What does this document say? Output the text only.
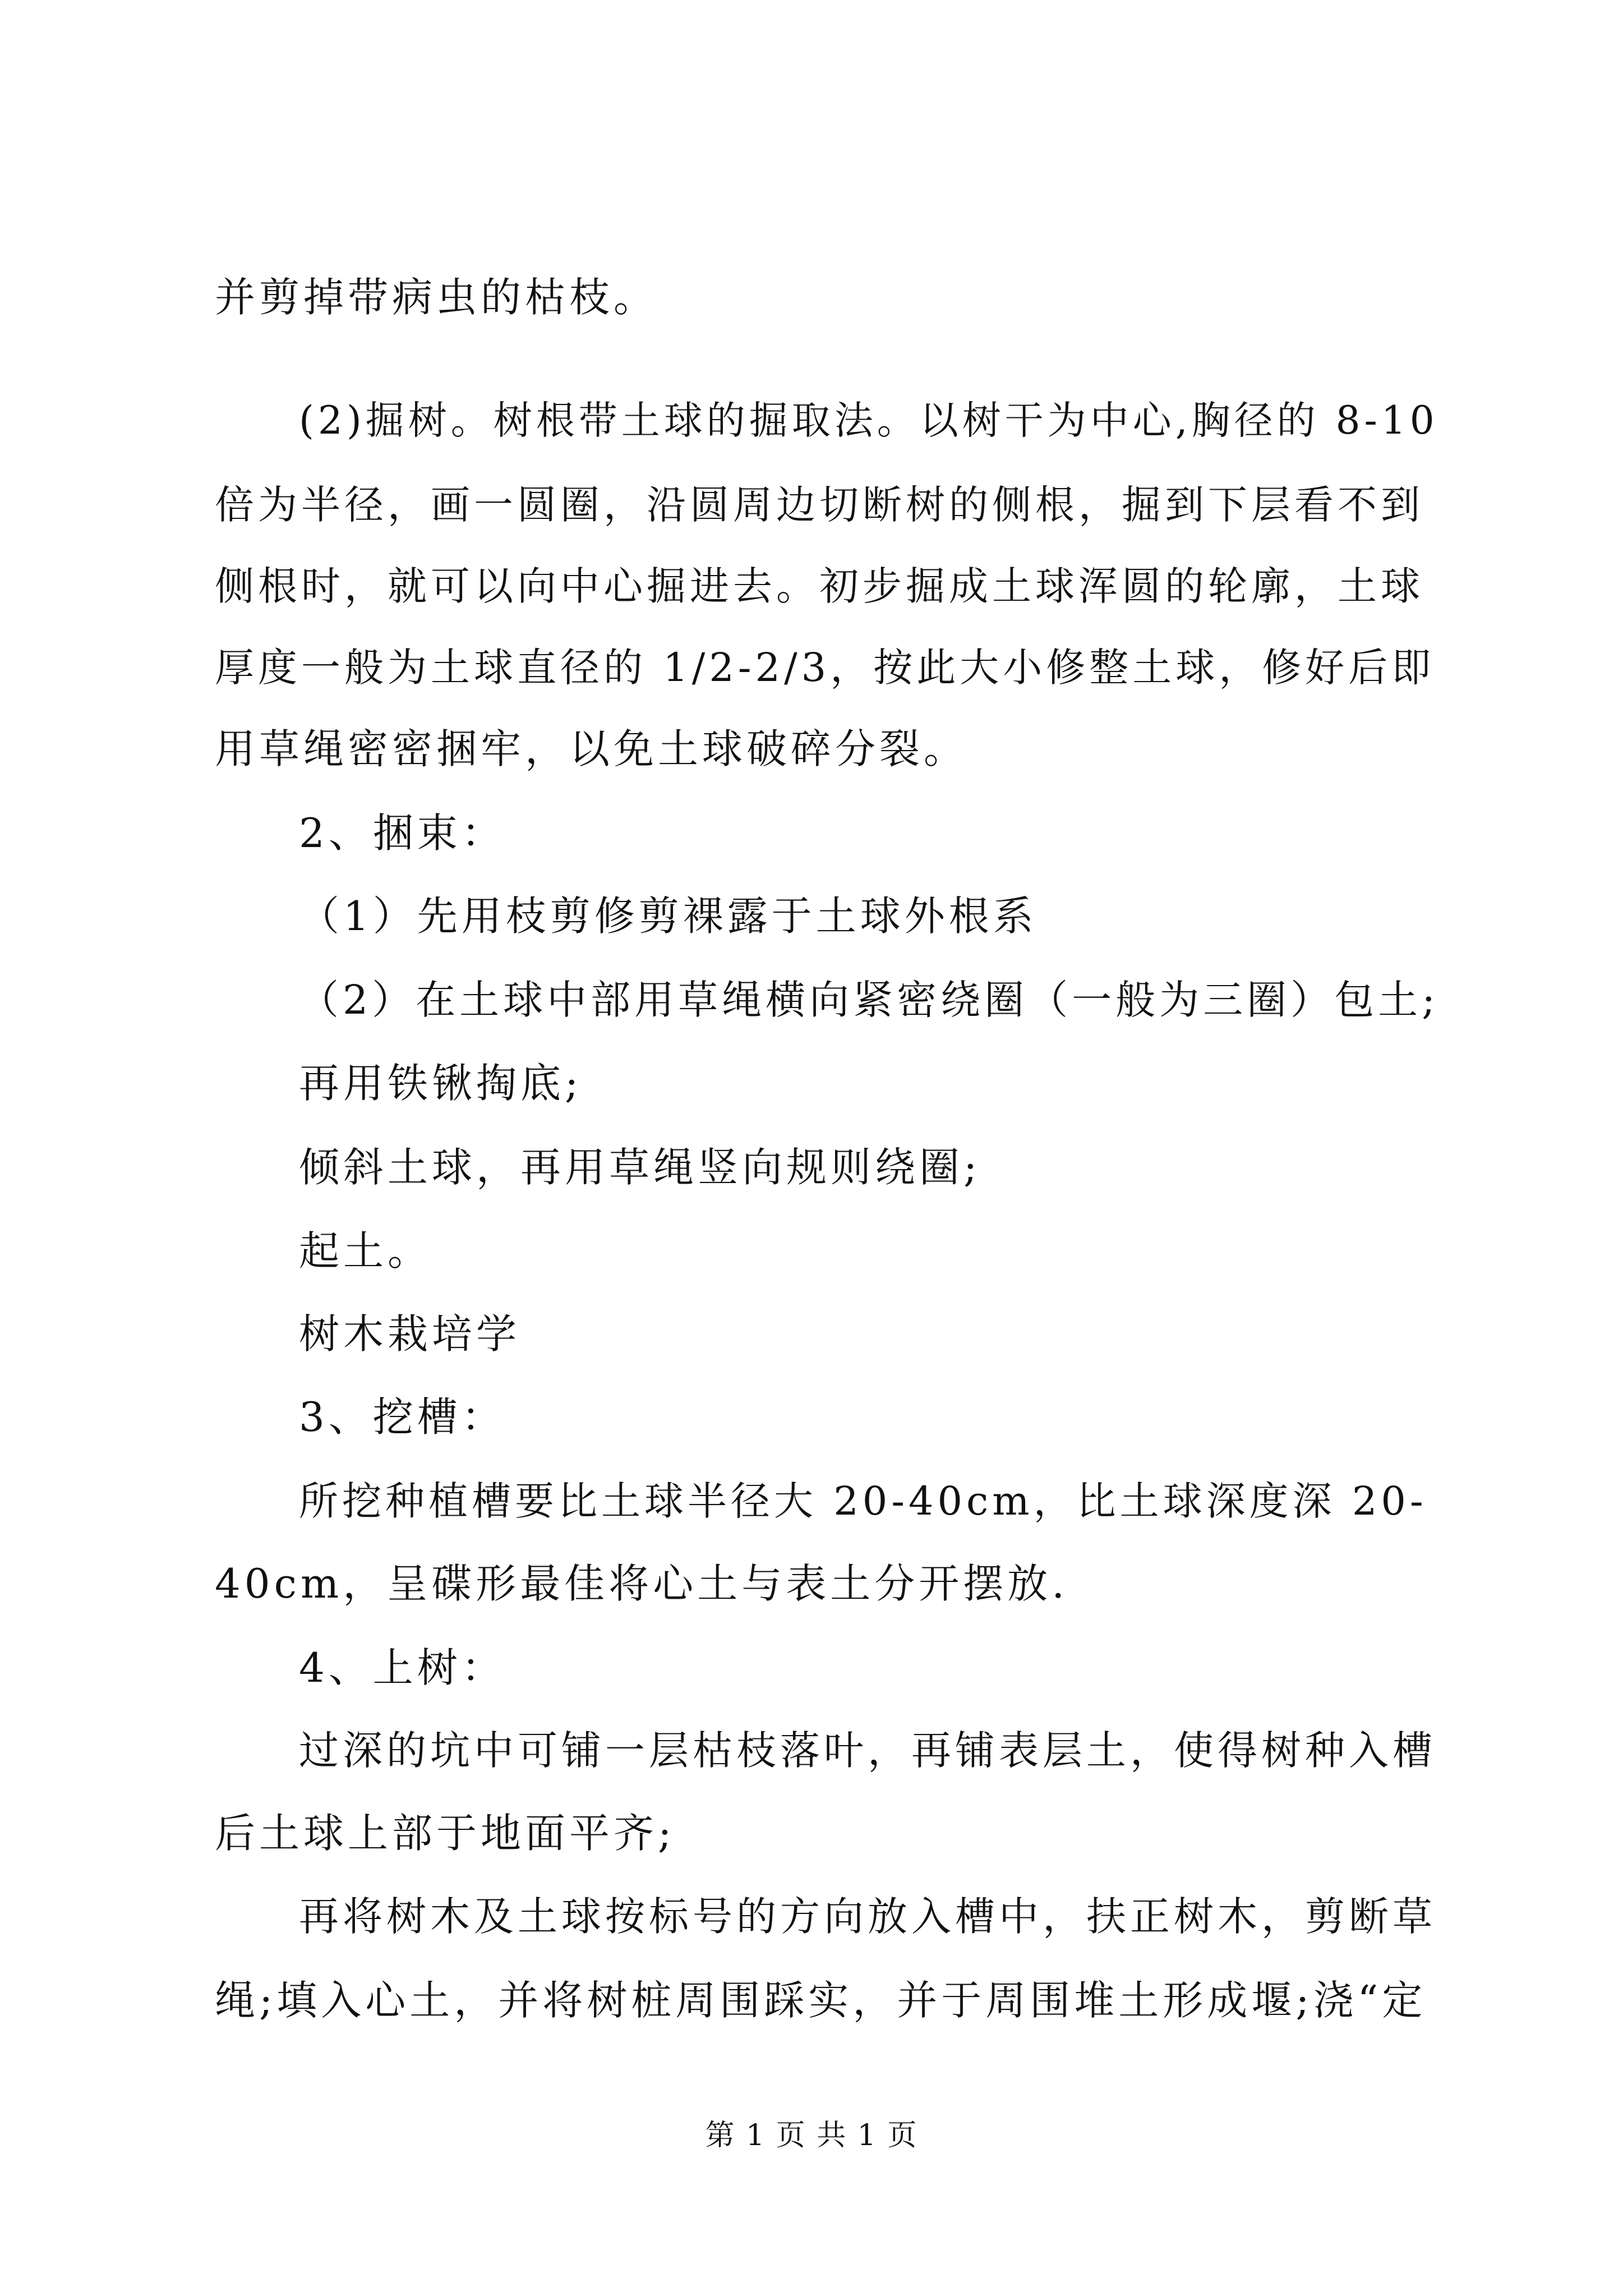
并剪掉带病虫的枯枝。
(2)掘树。树根带土球的掘取法。以树干为中心,胸径的 8-10
倍为半径，画一圆圈，沿圆周边切断树的侧根，掘到下层看不到
侧根时，就可以向中心掘进去。初步掘成土球浑圆的轮廓，土球
厚度一般为土球直径的 1/2-2/3，按此大小修整土球，修好后即
用草绳密密捆牢，以免土球破碎分裂。
2、捆束：
（1）先用枝剪修剪裸露于土球外根系
（2）在土球中部用草绳横向紧密绕圈（一般为三圈）包土;
再用铁锹掏底;
倾斜土球，再用草绳竖向规则绕圈;
起土。
树木栽培学
3、挖槽：
所挖种植槽要比土球半径大 20-40cm，比土球深度深 20-
40cm，呈碟形最佳将心土与表土分开摆放.
4、上树：
过深的坑中可铺一层枯枝落叶，再铺表层土，使得树种入槽
后土球上部于地面平齐;
再将树木及土球按标号的方向放入槽中，扶正树木，剪断草
绳;填入心土，并将树桩周围踩实，并于周围堆土形成堰;浇“定
第 1 页 共 1 页
